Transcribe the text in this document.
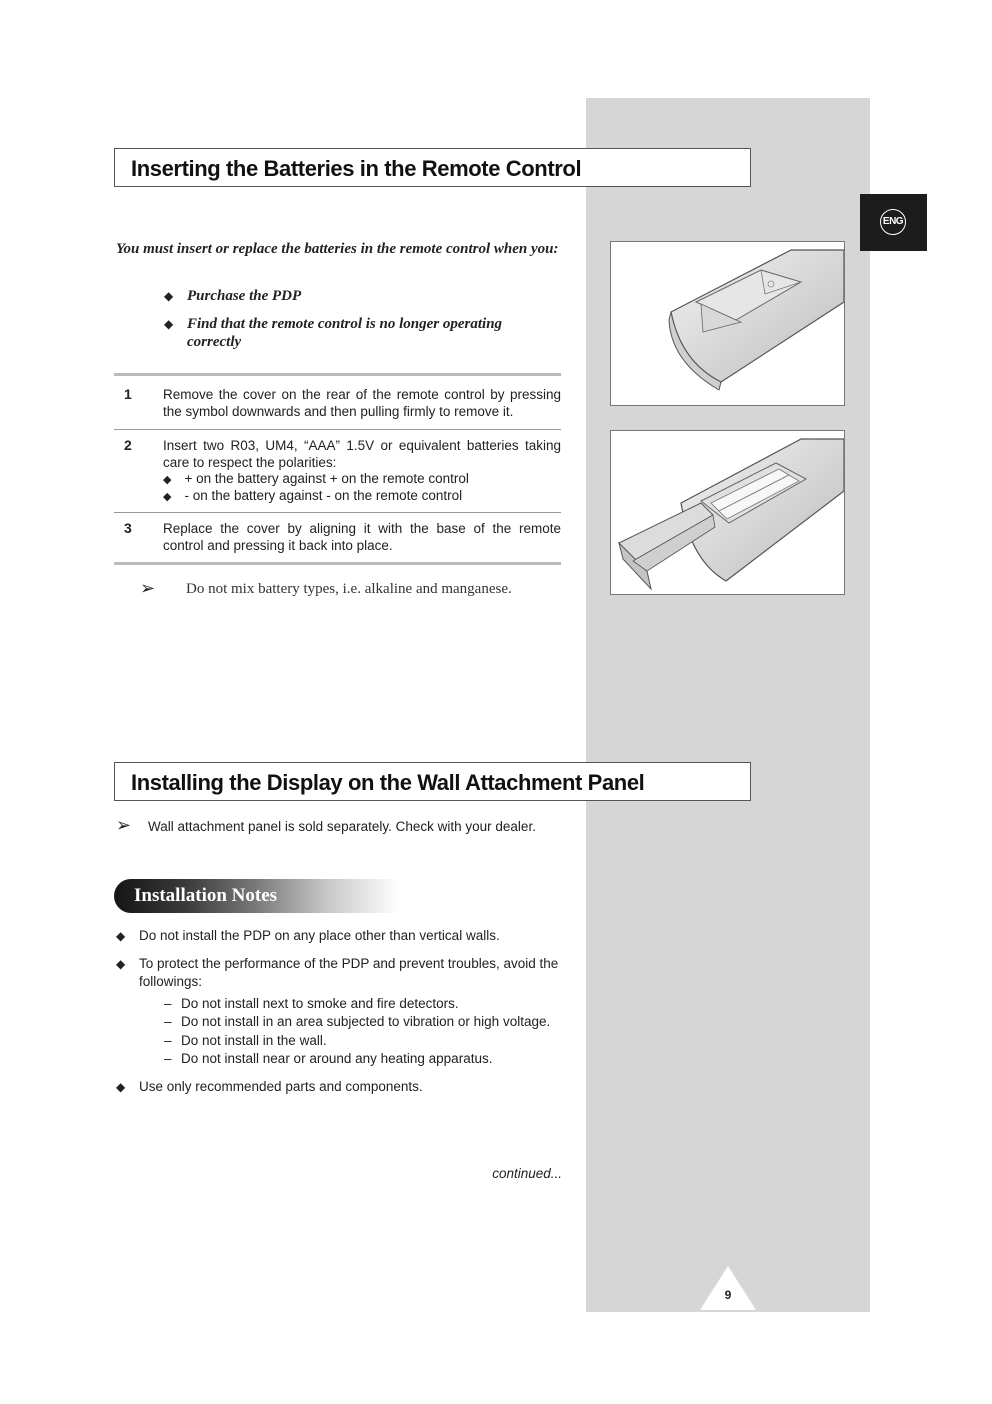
ENG
Inserting the Batteries in the Remote Control
You must insert or replace the batteries in the remote control when you:
◆ Purchase the PDP
◆ Find that the remote control is no longer operating correctly
1 Remove the cover on the rear of the remote control by pressing the symbol downwards and then pulling firmly to remove it.
2 Insert two R03, UM4, “AAA” 1.5V or equivalent batteries taking care to respect the polarities:
◆ + on the battery against + on the remote control
◆ - on the battery against - on the remote control
3 Replace the cover by aligning it with the base of the remote control and pressing it back into place.
➢ Do not mix battery types, i.e. alkaline and manganese.
Installing the Display on the Wall Attachment Panel
➢ Wall attachment panel is sold separately. Check with your dealer.
Installation Notes
◆	Do not install the PDP on any place other than vertical walls.
◆	To protect the performance of the PDP and prevent troubles, avoid the followings:
– Do not install next to smoke and fire detectors.
– Do not install in an area subjected to vibration or high voltage.
– Do not install in the wall.
– Do not install near or around any heating apparatus.
◆	Use only recommended parts and components.
continued...
9
